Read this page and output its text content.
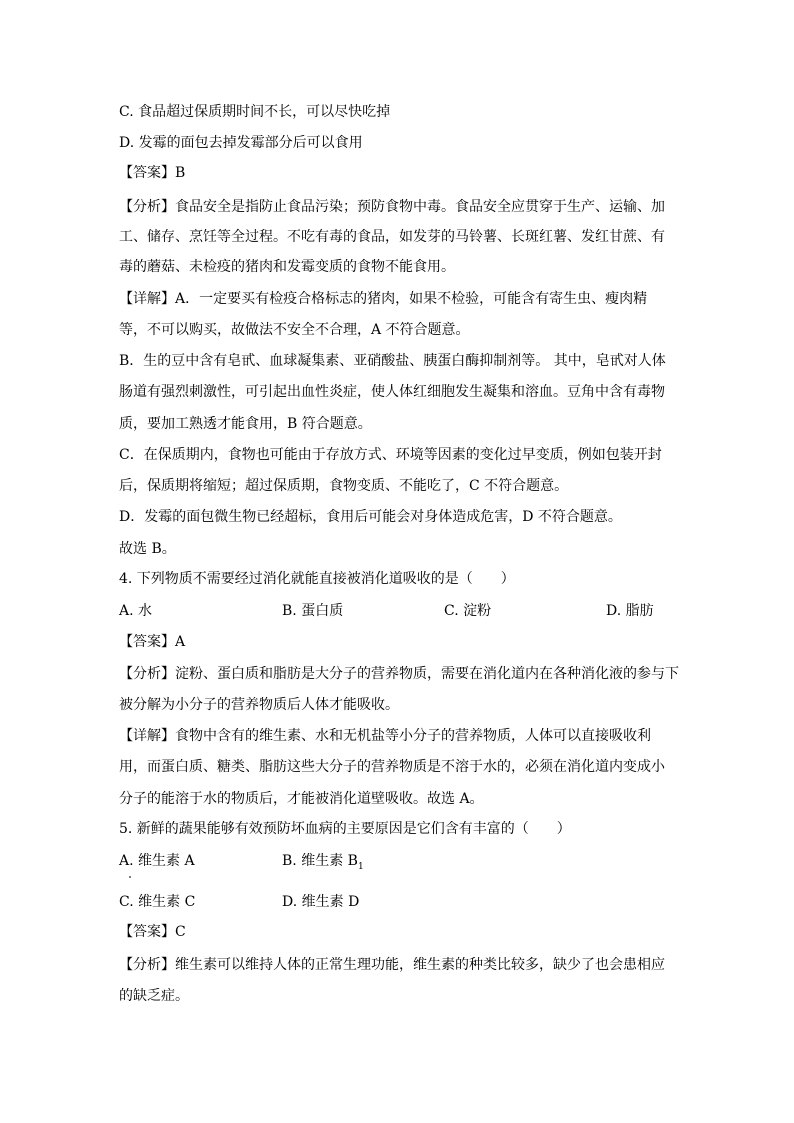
C. 食品超过保质期时间不长，可以尽快吃掉
D. 发霉的面包去掉发霉部分后可以食用
【答案】B
【分析】食品安全是指防止食品污染；预防食物中毒。食品安全应贯穿于生产、运输、加
工、储存、烹饪等全过程。不吃有毒的食品，如发芽的马铃薯、长斑红薯、发红甘蔗、有
毒的蘑菇、未检疫的猪肉和发霉变质的食物不能食用。
【详解】A．一定要买有检疫合格标志的猪肉，如果不检验，可能含有寄生虫、瘦肉精
等，不可以购买，故做法不安全不合理，A 不符合题意。
B．生的豆中含有皂甙、血球凝集素、亚硝酸盐、胰蛋白酶抑制剂等。 其中，皂甙对人体
肠道有强烈刺激性，可引起出血性炎症，使人体红细胞发生凝集和溶血。豆角中含有毒物
质，要加工熟透才能食用，B 符合题意。
C．在保质期内，食物也可能由于存放方式、环境等因素的变化过早变质，例如包装开封
后，保质期将缩短；超过保质期，食物变质、不能吃了，C 不符合题意。
D．发霉的面包微生物已经超标，食用后可能会对身体造成危害，D 不符合题意。
故选 B。
4. 下列物质不需要经过消化就能直接被消化道吸收的是（　　）
A. 水	B. 蛋白质	C. 淀粉	D. 脂肪
【答案】A
【分析】淀粉、蛋白质和脂肪是大分子的营养物质，需要在消化道内在各种消化液的参与下
被分解为小分子的营养物质后人体才能吸收。
【详解】食物中含有的维生素、水和无机盐等小分子的营养物质，人体可以直接吸收利
用，而蛋白质、糖类、脂肪这些大分子的营养物质是不溶于水的，必须在消化道内变成小
分子的能溶于水的物质后，才能被消化道壁吸收。故选 A。
5. 新鲜的蔬果能够有效预防坏血病的主要原因是它们含有丰富的（　　）
A. 维生素 A	B. 维生素 $B_1$
C. 维生素 C	D. 维生素 D
【答案】C
【分析】维生素可以维持人体的正常生理功能，维生素的种类比较多，缺少了也会患相应
的缺乏症。
